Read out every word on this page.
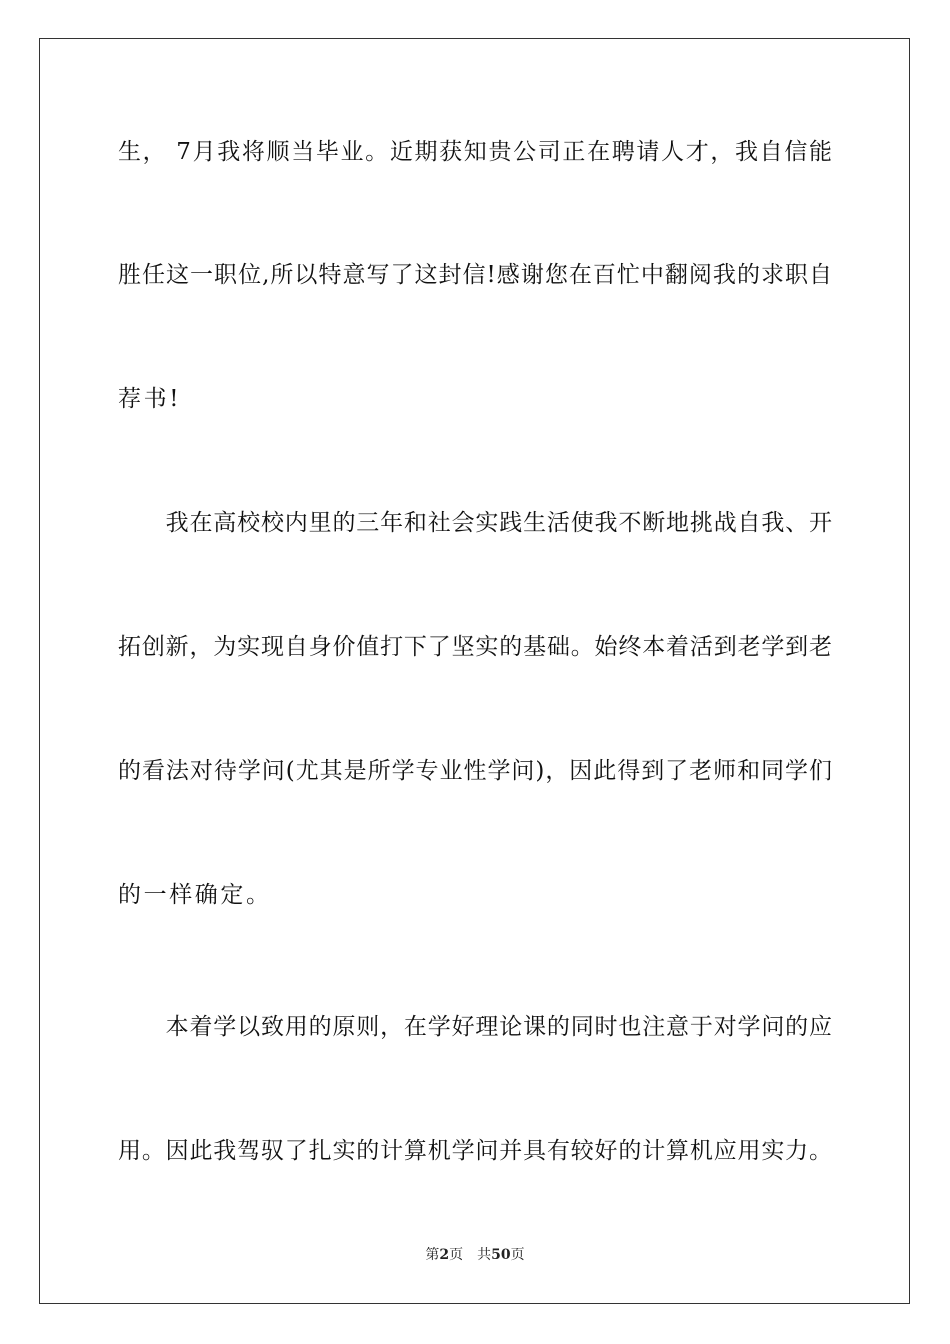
生， 7月我将顺当毕业。近期获知贵公司正在聘请人才，我自信能
胜任这一职位,所以特意写了这封信!感谢您在百忙中翻阅我的求职自
荐书!
　　我在高校校内里的三年和社会实践生活使我不断地挑战自我、开
拓创新，为实现自身价值打下了坚实的基础。始终本着活到老学到老
的看法对待学问(尤其是所学专业性学问)，因此得到了老师和同学们
的一样确定。
　　本着学以致用的原则，在学好理论课的同时也注意于对学问的应
用。因此我驾驭了扎实的计算机学问并具有较好的计算机应用实力。
第2页 共50页
